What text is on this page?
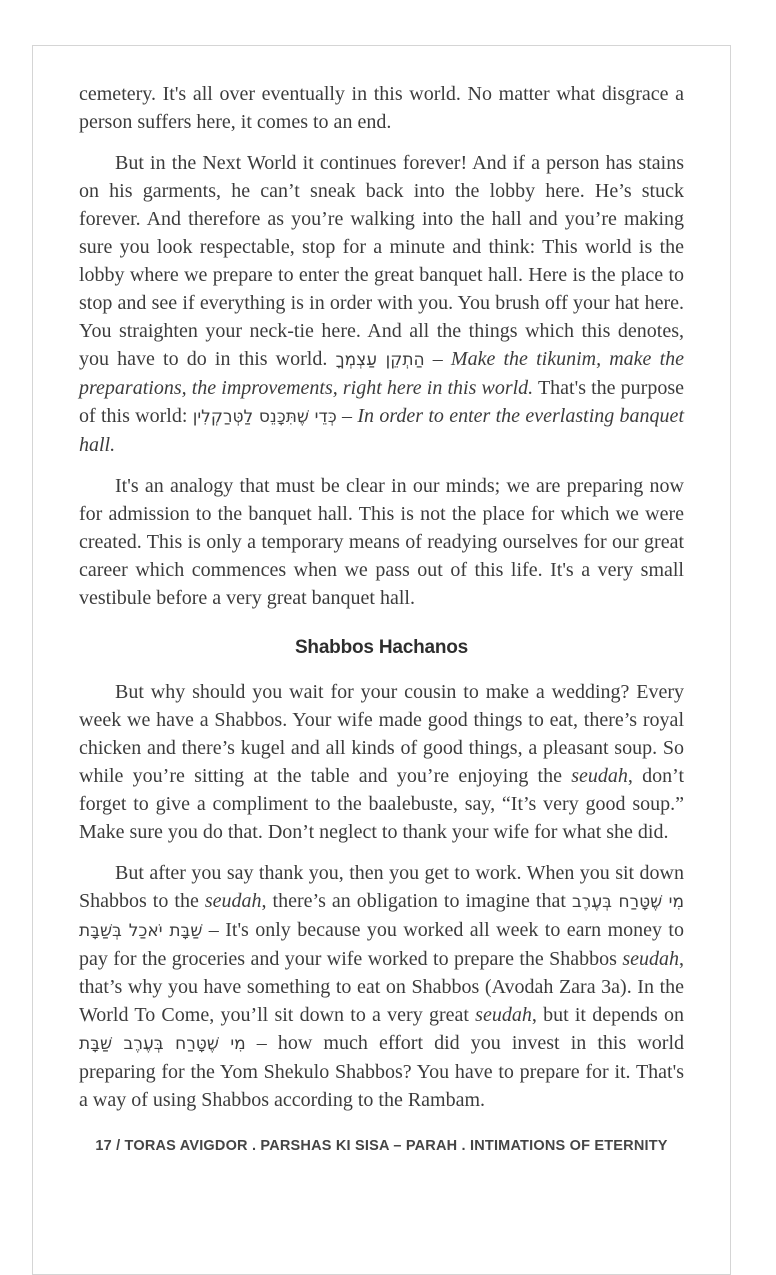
cemetery. It's all over eventually in this world. No matter what disgrace a person suffers here, it comes to an end.

But in the Next World it continues forever! And if a person has stains on his garments, he can’t sneak back into the lobby here. He’s stuck forever. And therefore as you’re walking into the hall and you’re making sure you look respectable, stop for a minute and think: This world is the lobby where we prepare to enter the great banquet hall. Here is the place to stop and see if everything is in order with you. You brush off your hat here. You straighten your neck-tie here. And all the things which this denotes, you have to do in this world. הַתְקֵן עַצְמְךָ – Make the tikunim, make the preparations, the improvements, right here in this world. That's the purpose of this world: כְּדֵי שֶׁתִּכָּנֵס לַטְּרַקְלִין – In order to enter the everlasting banquet hall.

It's an analogy that must be clear in our minds; we are preparing now for admission to the banquet hall. This is not the place for which we were created. This is only a temporary means of readying ourselves for our great career which commences when we pass out of this life. It's a very small vestibule before a very great banquet hall.

Shabbos Hachanos

But why should you wait for your cousin to make a wedding? Every week we have a Shabbos. Your wife made good things to eat, there’s royal chicken and there’s kugel and all kinds of good things, a pleasant soup. So while you’re sitting at the table and you’re enjoying the seudah, don’t forget to give a compliment to the baalebuste, say, “It’s very good soup.” Make sure you do that. Don’t neglect to thank your wife for what she did.

But after you say thank you, then you get to work. When you sit down Shabbos to the seudah, there’s an obligation to imagine that מִי שֶׁטָּרַח בְּעֶרֶב שַׁבָּת יֹאכַל בְּשַׁבָּת – It's only because you worked all week to earn money to pay for the groceries and your wife worked to prepare the Shabbos seudah, that’s why you have something to eat on Shabbos (Avodah Zara 3a). In the World To Come, you’ll sit down to a very great seudah, but it depends on מִי שֶׁטָּרַח בְּעֶרֶב שַׁבָּת – how much effort did you invest in this world preparing for the Yom Shekulo Shabbos? You have to prepare for it. That's a way of using Shabbos according to the Rambam.

17 / TORAS AVIGDOR . PARSHAS KI SISA – PARAH . INTIMATIONS OF ETERNITY
